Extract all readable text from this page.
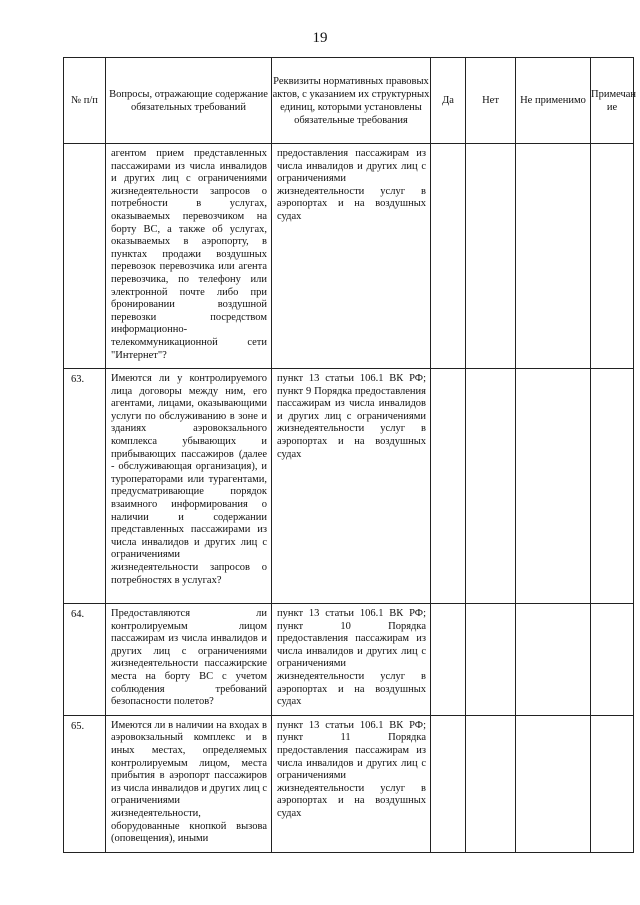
19
№ п/п	Вопросы, отражающие содержание обязательных требований	Реквизиты нормативных правовых актов, с указанием их структурных единиц, которыми установлены обязательные требования	Да	Нет	Не применимо	Примечан ие

	агентом прием представленных пассажирами из числа инвалидов и других лиц с ограничениями жизнедеятельности запросов о потребности в услугах, оказываемых перевозчиком на борту ВС, а также об услугах, оказываемых в аэропорту, в пунктах продажи воздушных перевозок перевозчика или агента перевозчика, по телефону или электронной почте либо при бронировании воздушной перевозки посредством информационно-телекоммуникационной сети "Интернет"?	предоставления пассажирам из числа инвалидов и других лиц с ограничениями жизнедеятельности услуг в аэропортах и на воздушных судах				

63.	Имеются ли у контролируемого лица договоры между ним, его агентами, лицами, оказывающими услуги по обслуживанию в зоне и зданиях аэровокзального комплекса убывающих и прибывающих пассажиров (далее - обслуживающая организация), и туроператорами или турагентами, предусматривающие порядок взаимного информирования о наличии и содержании представленных пассажирами из числа инвалидов и других лиц с ограничениями жизнедеятельности запросов о потребностях в услугах?	пункт 13 статьи 106.1 ВК РФ; пункт 9 Порядка предоставления пассажирам из числа инвалидов и других лиц с ограничениями жизнедеятельности услуг в аэропортах и на воздушных судах				

64.	Предоставляются ли контролируемым лицом пассажирам из числа инвалидов и других лиц с ограничениями жизнедеятельности пассажирские места на борту ВС с учетом соблюдения требований безопасности полетов?	пункт 13 статьи 106.1 ВК РФ; пункт 10 Порядка предоставления пассажирам из числа инвалидов и других лиц с ограничениями жизнедеятельности услуг в аэропортах и на воздушных судах				

65.	Имеются ли в наличии на входах в аэровокзальный комплекс и в иных местах, определяемых контролируемым лицом, места прибытия в аэропорт пассажиров из числа инвалидов и других лиц с ограничениями жизнедеятельности, оборудованные кнопкой вызова (оповещения), иными	пункт 13 статьи 106.1 ВК РФ; пункт 11 Порядка предоставления пассажирам из числа инвалидов и других лиц с ограничениями жизнедеятельности услуг в аэропортах и на воздушных судах				
